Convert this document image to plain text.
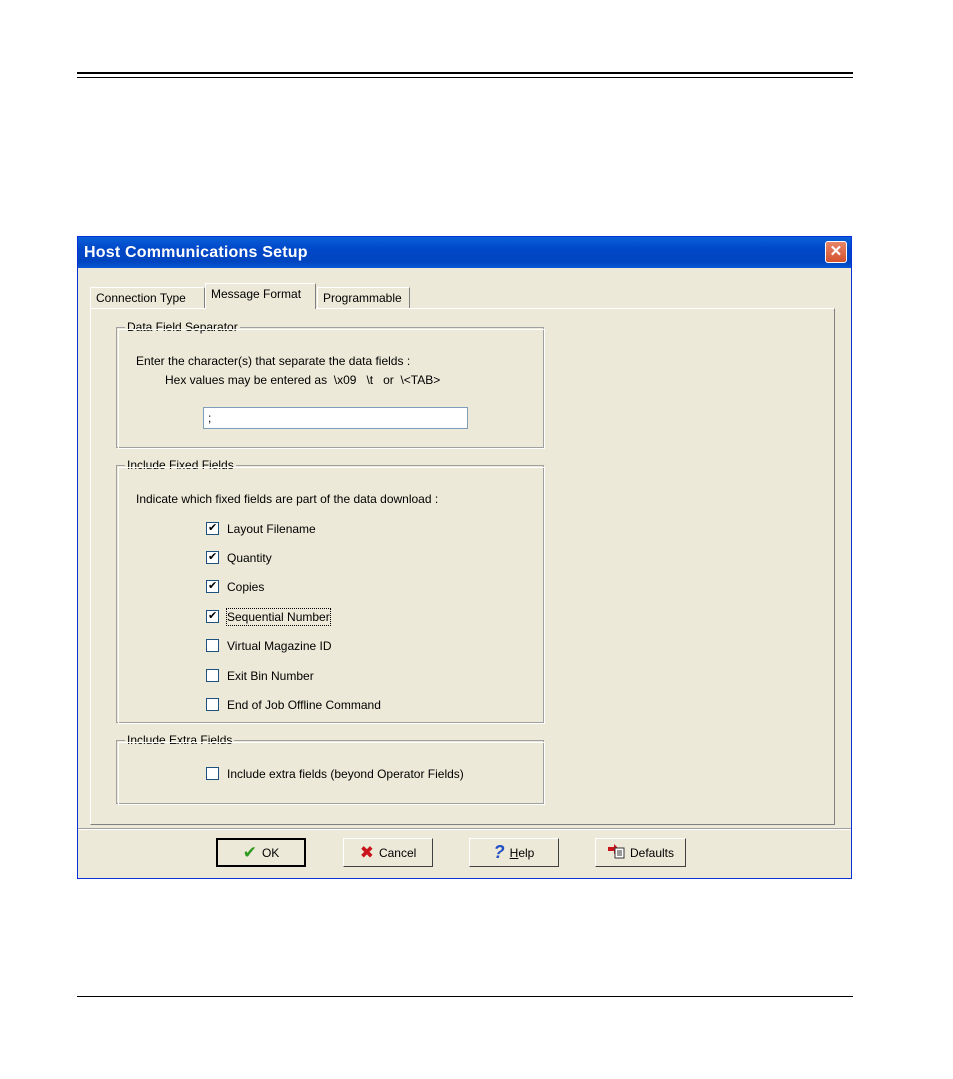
Host Communications Setup	✕
Connection Type	Message Format	Programmable
Data Field Separator
Enter the character(s) that separate the data fields :
Hex values may be entered as  \x09   \t   or  \<TAB>
;
Include Fixed Fields
Indicate which fixed fields are part of the data download :
✔
Layout Filename
✔
Quantity
✔
Copies
✔
Sequential Number
Virtual Magazine ID
Exit Bin Number
End of Job Offline Command
Include Extra Fields
Include extra fields (beyond Operator Fields)
✔ OK	✖ Cancel	? Help	Defaults
